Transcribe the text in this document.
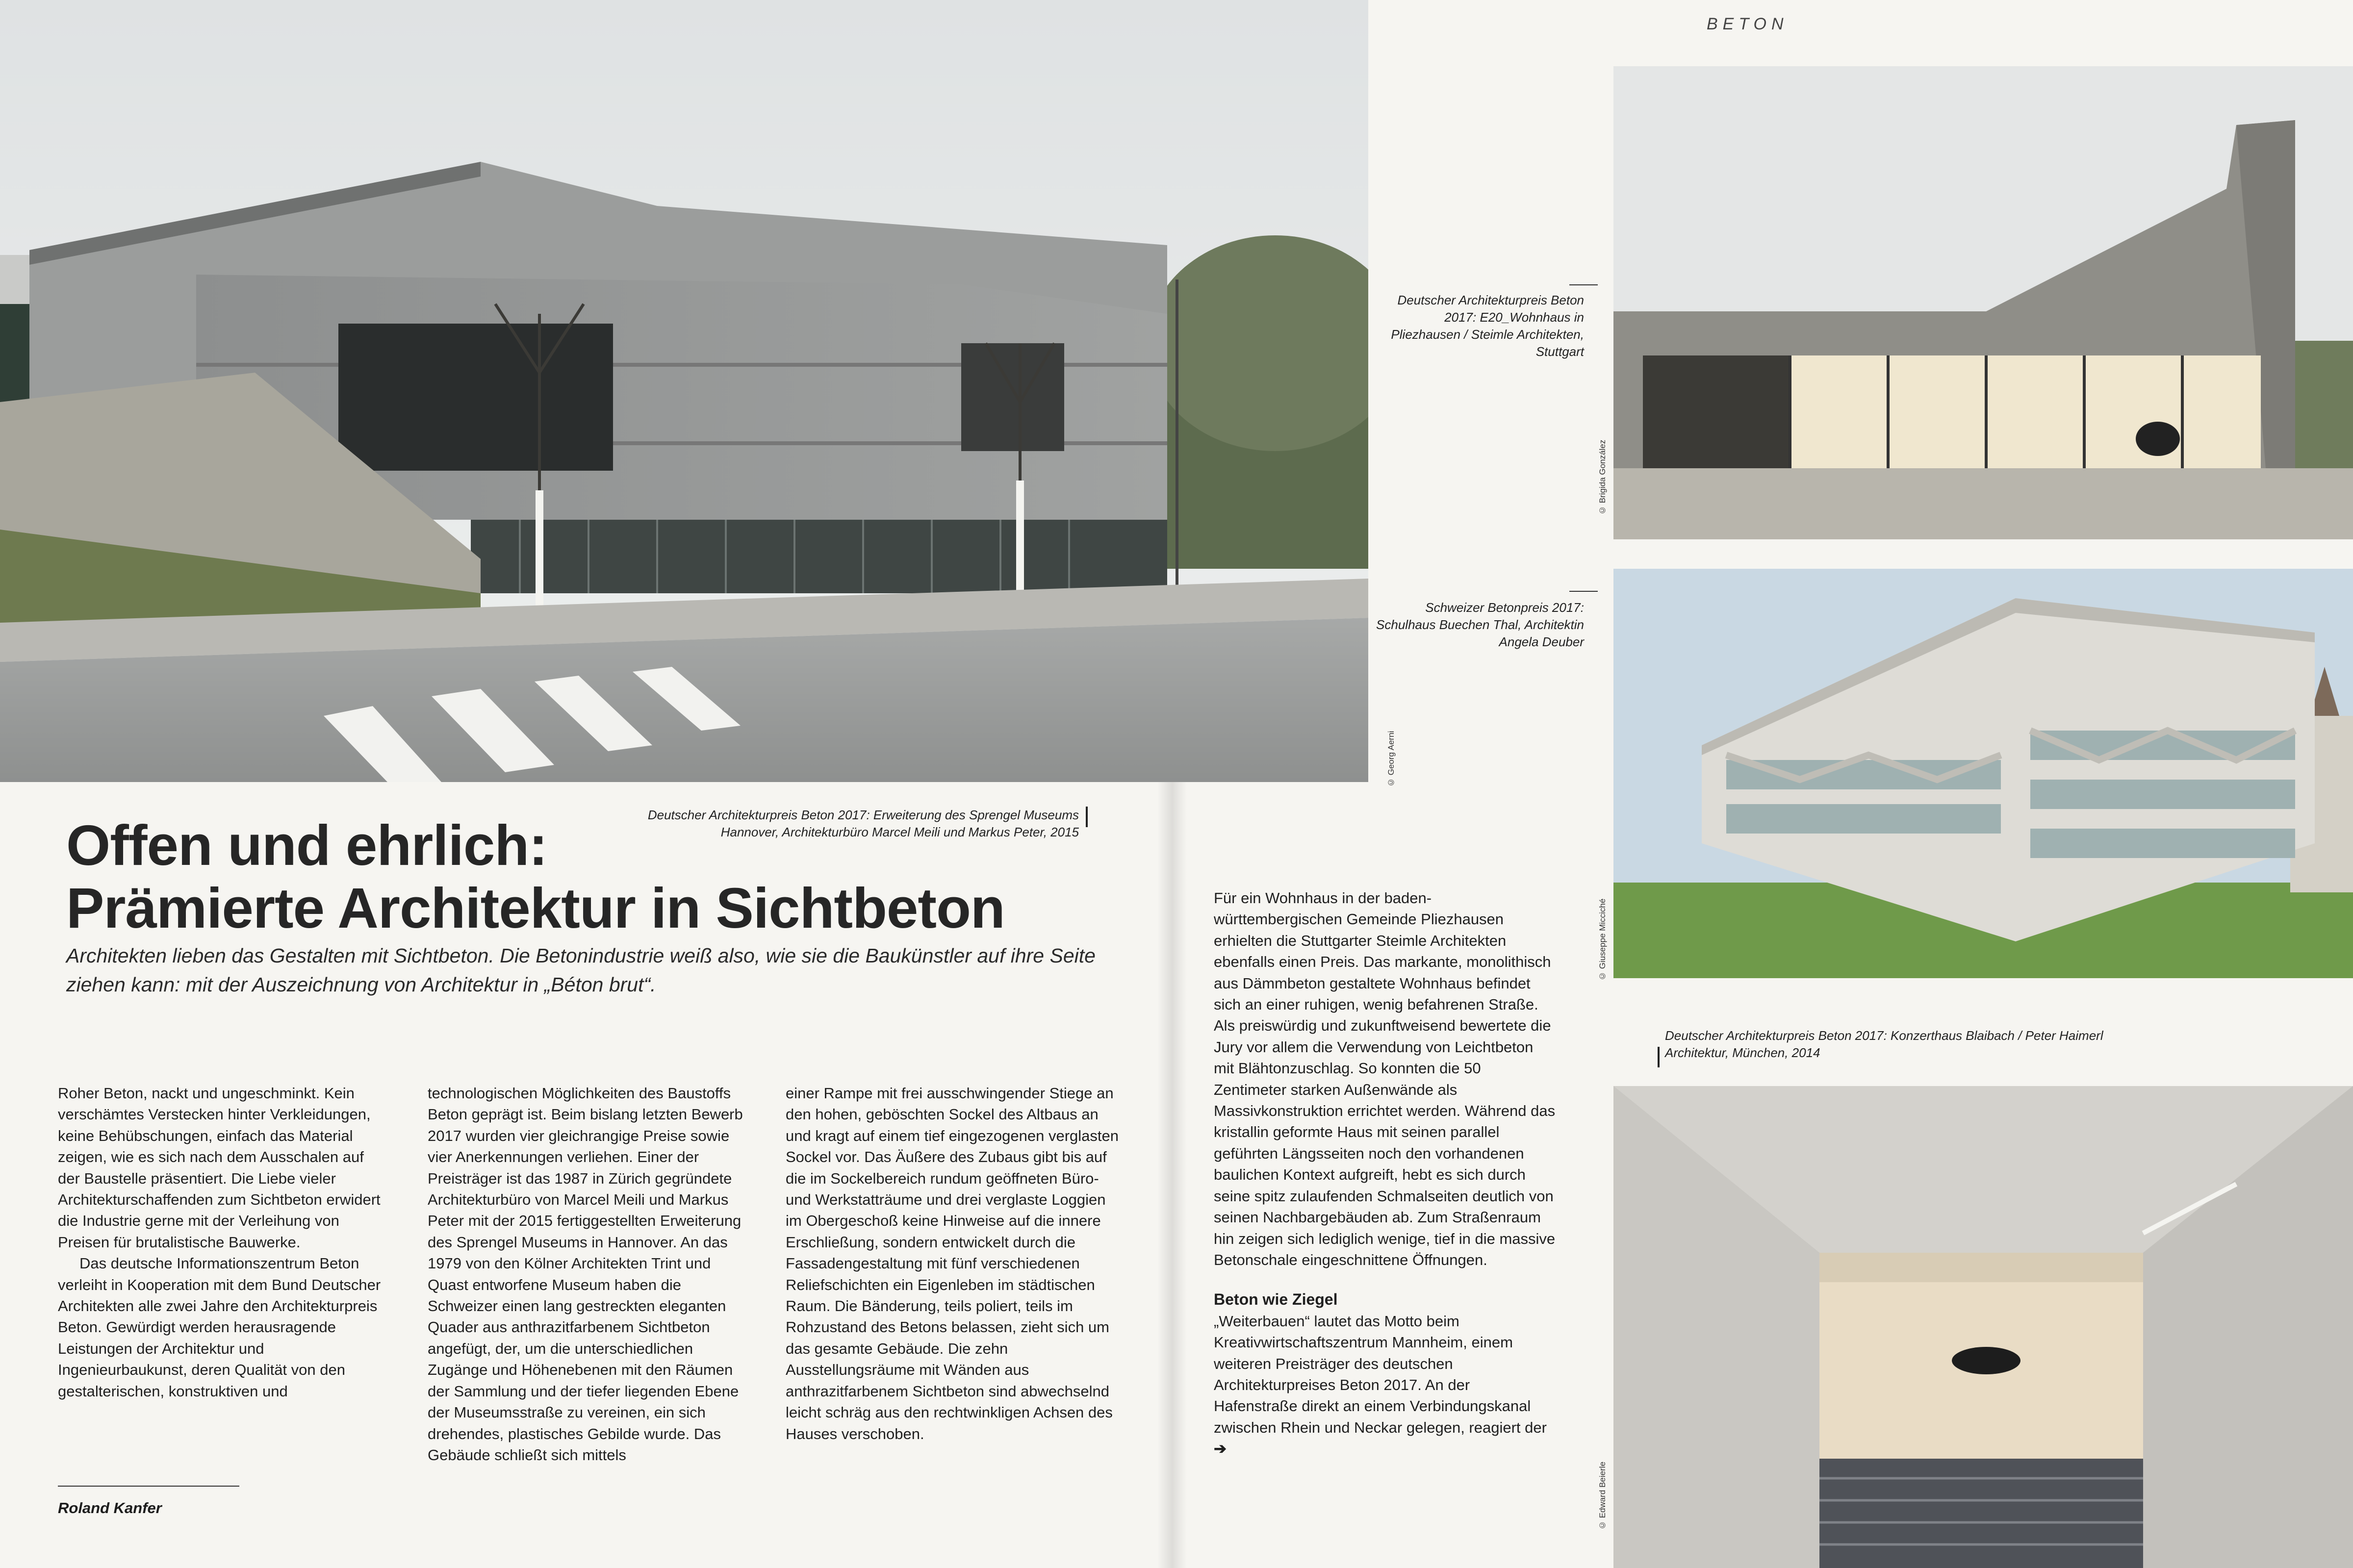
BETON
© Georg Aerni
Deutscher Architekturpreis Beton 2017: Erweiterung des Sprengel Museums Hannover, Architekturbüro Marcel Meili und Markus Peter, 2015
Offen und ehrlich:
Prämierte Architektur in Sichtbeton
Architekten lieben das Gestalten mit Sichtbeton. Die Betonindustrie weiß also, wie sie die Baukünstler auf ihre Seite ziehen kann: mit der Auszeichnung von Architektur in „Béton brut“.

Roher Beton, nackt und ungeschminkt. Kein verschämtes Verstecken hinter Verkleidungen, keine Behübschungen, einfach das Material zeigen, wie es sich nach dem Ausschalen auf der Baustelle präsentiert. Die Liebe vieler Architekturschaffenden zum Sichtbeton erwidert die Industrie gerne mit der Verleihung von Preisen für brutalistische Bauwerke.

Das deutsche Informationszentrum Beton verleiht in Kooperation mit dem Bund Deutscher Architekten alle zwei Jahre den Architekturpreis Beton. Gewürdigt werden herausragende Leistungen der Architektur und Ingenieurbaukunst, deren Qualität von den gestalterischen, konstruktiven und

Roland Kanfer

technologischen Möglichkeiten des Baustoffs Beton geprägt ist. Beim bislang letzten Bewerb 2017 wurden vier gleichrangige Preise sowie vier Anerkennungen verliehen. Einer der Preisträger ist das 1987 in Zürich gegründete Architekturbüro von Marcel Meili und Markus Peter mit der 2015 fertiggestellten Erweiterung des Sprengel Museums in Hannover. An das 1979 von den Kölner Architekten Trint und Quast entworfene Museum haben die Schweizer einen lang gestreckten eleganten Quader aus anthrazitfarbenem Sichtbeton angefügt, der, um die unterschiedlichen Zugänge und Höhenebenen mit den Räumen der Sammlung und der tiefer liegenden Ebene der Museumsstraße zu vereinen, ein sich drehendes, plastisches Gebilde wurde. Das Gebäude schließt sich mittels

einer Rampe mit frei ausschwingender Stiege an den hohen, geböschten Sockel des Altbaus an und kragt auf einem tief eingezogenen verglasten Sockel vor. Das Äußere des Zubaus gibt bis auf die im Sockelbereich rundum geöffneten Büro- und Werkstatträume und drei verglaste Loggien im Obergeschoß keine Hinweise auf die innere Erschließung, sondern entwickelt durch die Fassadengestaltung mit fünf verschiedenen Reliefschichten ein Eigenleben im städtischen Raum. Die Bänderung, teils poliert, teils im Rohzustand des Betons belassen, zieht sich um das gesamte Gebäude. Die zehn Ausstellungsräume mit Wänden aus anthrazitfarbenem Sichtbeton sind abwechselnd leicht schräg aus den rechtwinkligen Achsen des Hauses verschoben.

© Brigida González
Deutscher Architekturpreis Beton 2017: E20_Wohnhaus in Pliezhausen / Steimle Architekten, Stuttgart
© Giuseppe Micciché
Schweizer Betonpreis 2017: Schulhaus Buechen Thal, Architektin Angela Deuber
Deutscher Architekturpreis Beton 2017: Konzerthaus Blaibach / Peter Haimerl Architektur, München, 2014
© Edward Beierle

Für ein Wohnhaus in der baden-württembergischen Gemeinde Pliezhausen erhielten die Stuttgarter Steimle Architekten ebenfalls einen Preis. Das markante, monolithisch aus Dämmbeton gestaltete Wohnhaus befindet sich an einer ruhigen, wenig befahrenen Straße. Als preiswürdig und zukunftweisend bewertete die Jury vor allem die Verwendung von Leichtbeton mit Blähtonzuschlag. So konnten die 50 Zentimeter starken Außenwände als Massivkonstruktion errichtet werden. Während das kristallin geformte Haus mit seinen parallel geführten Längsseiten noch den vorhandenen baulichen Kontext aufgreift, hebt es sich durch seine spitz zulaufenden Schmalseiten deutlich von seinen Nachbargebäuden ab. Zum Straßenraum hin zeigen sich lediglich wenige, tief in die massive Betonschale eingeschnittene Öffnungen.

Beton wie Ziegel

„Weiterbauen“ lautet das Motto beim Kreativwirtschaftszentrum Mannheim, einem weiteren Preisträger des deutschen Architekturpreises Beton 2017. An der Hafenstraße direkt an einem Verbindungskanal zwischen Rhein und Neckar gelegen, reagiert der ➔
